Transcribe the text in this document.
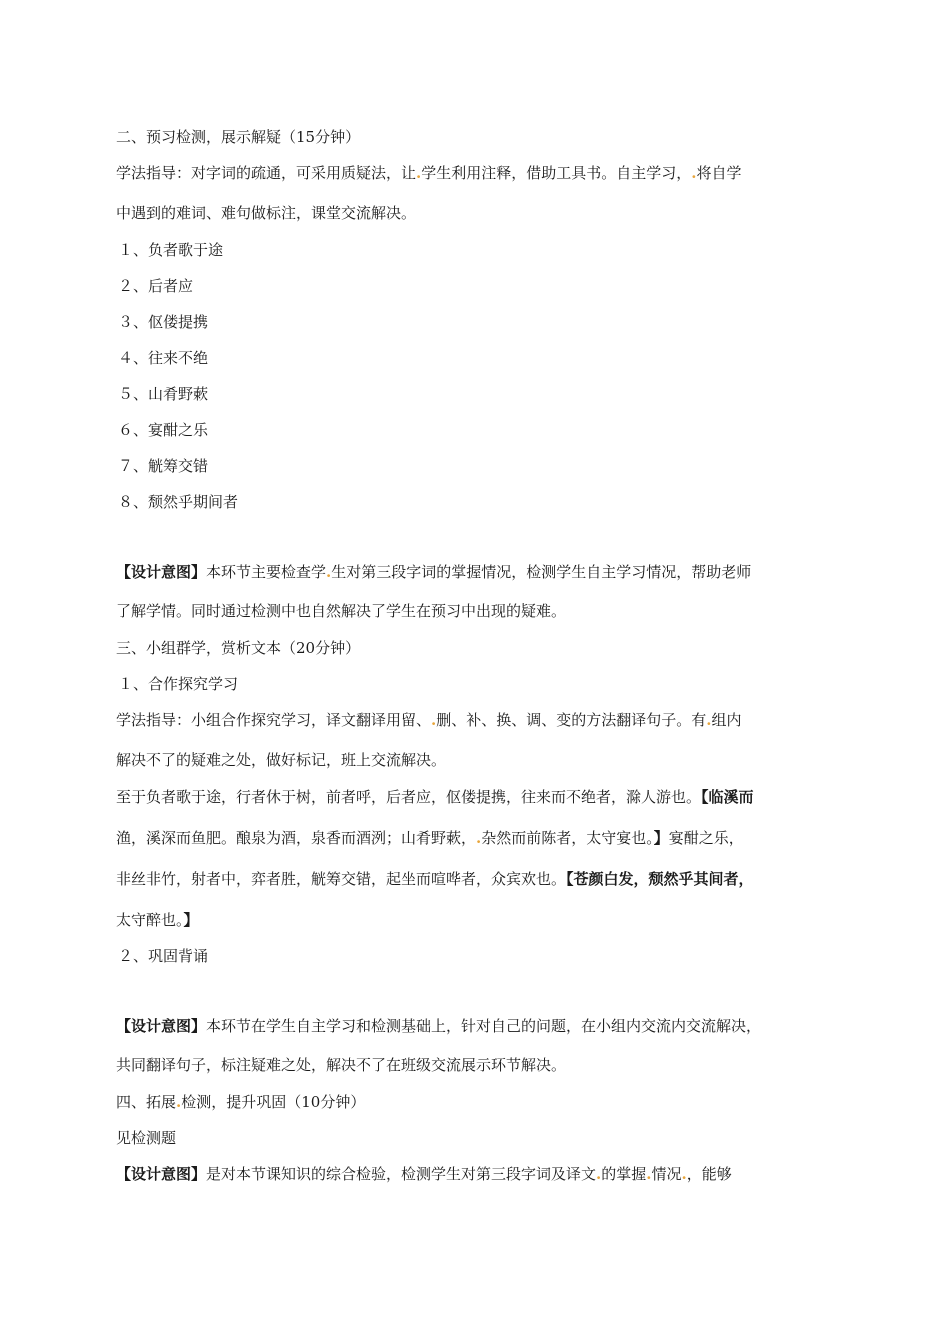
二、预习检测，展示解疑（15分钟）
学法指导：对字词的疏通，可采用质疑法，让.学生利用注释，借助工具书。自主学习，.将自学
中遇到的难词、难句做标注，课堂交流解决。
１、负者歌于途
２、后者应
３、伛偻提携
４、往来不绝
５、山肴野蔌
６、宴酣之乐
７、觥筹交错
８、颓然乎期间者
【设计意图】本环节主要检查学.生对第三段字词的掌握情况，检测学生自主学习情况，帮助老师
了解学情。同时通过检测中也自然解决了学生在预习中出现的疑难。
三、小组群学，赏析文本（20分钟）
１、合作探究学习
学法指导：小组合作探究学习，译文翻译用留、.删、补、换、调、变的方法翻译句子。有.组内
解决不了的疑难之处，做好标记，班上交流解决。
至于负者歌于途，行者休于树，前者呼，后者应，伛偻提携，往来而不绝者，滁人游也。【临溪而
渔，溪深而鱼肥。酿泉为酒，泉香而酒洌；山肴野蔌，.杂然而前陈者，太守宴也。】宴酣之乐，
非丝非竹，射者中，弈者胜，觥筹交错，起坐而喧哗者，众宾欢也。【苍颜白发，颓然乎其间者，
太守醉也。】
２、巩固背诵
【设计意图】本环节在学生自主学习和检测基础上，针对自己的问题，在小组内交流内交流解决，
共同翻译句子，标注疑难之处，解决不了在班级交流展示环节解决。
四、拓展.检测，提升巩固（10分钟）
见检测题
【设计意图】是对本节课知识的综合检验，检测学生对第三段字词及译文.的掌握.情况.，能够
